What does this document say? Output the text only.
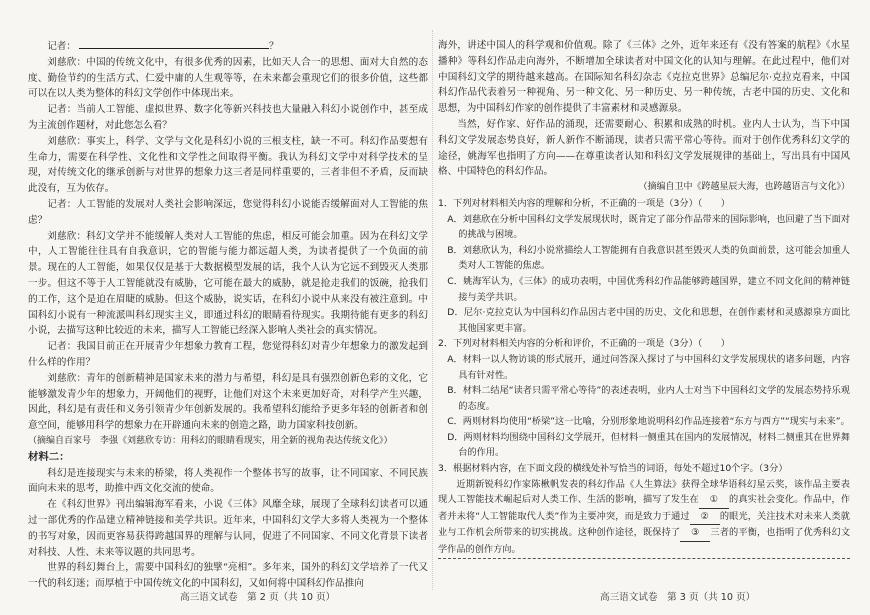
记者：	？

刘慈欣：中国的传统文化中，有很多优秀的因素，比如天人合一的思想、面对大自然的态度、勤俭节约的生活方式、仁爱中庸的人生观等等，在未来都会重现它们的很多价值，这些都可以在以人类为整体的科幻文学创作中体现出来。

记者：当前人工智能、虚拟世界、数字化等新兴科技也大量融入科幻小说创作中，甚至成为主流创作题材，对此您怎么看？

刘慈欣：事实上，科学、文学与文化是科幻小说的三根支柱，缺一不可。科幻作品要想有生命力，需要在科学性、文化性和文学性之间取得平衡。我认为科幻文学中对科学技术的呈现，对传统文化的继承创新与对世界的想象力这三者是同样重要的，三者非但不矛盾，反而缺此没有，互为依存。

记者：人工智能的发展对人类社会影响深远，您觉得科幻小说能否缓解面对人工智能的焦虑？

刘慈欣：科幻文学并不能缓解人类对人工智能的焦虑，相反可能会加重。因为在科幻文学中，人工智能往往具有自我意识，它的智能与能力都远超人类，为读者提供了一个负面的前景。现在的人工智能，如果仅仅是基于大数据模型发展的话，我个人认为它远不到毁灭人类那一步。但这不等于人工智能就没有威胁，它可能在最大的威胁，就是抢走我们的饭碗，抢我们的工作，这个是迫在眉睫的威胁。但这个威胁，说实话，在科幻小说中从来没有被注意到。中国科幻小说有一种流派叫科幻现实主义，即通过科幻的眼睛看待现实。我期待能有更多的科幻小说，去描写这种比较近的未来，描写人工智能已经深入影响人类社会的真实情况。

记者：我国目前正在开展青少年想象力教育工程，您觉得科幻对青少年想象力的激发起到什么样的作用？

刘慈欣：青年的创新精神是国家未来的潜力与希望，科幻是具有强烈创新色彩的文化，它能够激发青少年的想象力，开阔他们的视野，让他们对这个未来更加好奇，对科学产生兴趣，因此，科幻是有责任和义务引领青少年创新发展的。我希望科幻能给予更多年轻的创新者和创意空间，能够用科学的想象力在开辟通向未来的创造之路，助力国家科技创新。

（摘编自百家号　李强《刘慈欣专访：用科幻的眼睛看现实，用全新的视角表达传统文化》）

材料二：

科幻是连接现实与未来的桥梁，将人类视作一个整体书写的故事，让不同国家、不同民族面向未来的思考，助推中西文化交流的使命。

在《科幻世界》刊出编辑海军看来，小说《三体》风靡全球，展现了全球科幻读者可以通过一部优秀的作品建立精神链接和美学共识。近年来，中国科幻文学大多将人类视为一个整体的书写对象，因而更容易获得跨越国界的理解与认同，促进了不同国家、不同文化背景下读者对科技、人性、未来等议题的共同思考。

世界的科幻舞台上，需要中国科幻的独擘“亮相”。多年来，国外的科幻文学培养了一代又一代的科幻迷；而厚植于中国传统文化的中国科幻，又如何将中国科幻作品推向

海外，讲述中国人的科学观和价值观。除了《三体》之外，近年来还有《没有答案的航程》《水星播种》等科幻作品走向海外，不断增加全球读者对中国文化的认知与理解。在此过程中，他们对中国科幻文学的期待越来越高。在国际知名科幻杂志《克拉克世界》总编尼尔·克拉克看来，中国科幻作品代表着另一种视角、另一种文化、另一种历史、另一种传统，古老中国的历史、文化和思想，为中国科幻作家的创作提供了丰富素材和灵感源泉。

当然，好作家、好作品的涌现，还需要耐心、积累和成熟的时机。业内人士认为，当下中国科幻文学发展态势良好，新人新作不断涌现，读者只需平常心等待。而对于创作优秀科幻文学的途径，姚海军也指明了方向——在尊重读者认知和科幻文学发展规律的基础上，写出具有中国风格、中国特色的科幻作品。

（摘编自卫中《跨越星辰大海，也跨越语言与文化》）

1．下列对材料相关内容的理解和分析，不正确的一项是（3分）（　　）

A．刘慈欣在分析中国科幻文学发展现状时，既肯定了部分作品带来的国际影响，也回避了当下面对的挑战与困境。

B．刘慈欣认为，科幻小说常描绘人工智能拥有自我意识甚至毁灭人类的负面前景，这可能会加重人类对人工智能的焦虑。

C．姚海军认为，《三体》的成功表明，中国优秀科幻作品能够跨越国界，建立不同文化间的精神链接与美学共识。

D．尼尔·克拉克认为中国科幻作品因古老中国的历史、文化和思想，在创作素材和灵感源泉方面比其他国家更丰富。

2．下列对材料相关内容的分析和评价，不正确的一项是（3分）（　　）

A．材料一以人物访谈的形式展开，通过问答深入探讨了与中国科幻文学发展现状的诸多问题，内容具有针对性。

B．材料二结尾“读者只需平常心等待”的表述表明，业内人士对当下中国科幻文学的发展态势持乐观的态度。

C．两则材料均使用“桥梁”这一比喻，分别形象地说明科幻作品连接着“东方与西方”“现实与未来”。

D．两则材料均围绕中国科幻文学展开，但材料一侧重其在国内的发展情况，材料二侧重其在世界舞台的作用。

3．根据材料内容，在下面文段的横线处补写恰当的词语，每处不超过10个字。（3分）

近期新锐科幻作家陈楸帆发表的科幻作品《人生算法》获得全球华语科幻星云奖，该作品主要表现人工智能技术崛起后对人类工作、生活的影响，描写了发生在 ① 的真实社会变化。作品中，作者并未将“人工智能取代人类”作为主要冲突，而是致力于通过 ② 的眼光，关注技术对未来人类就业与工作机会所带来的切实挑战。这种创作途径，既保持了 ③ 三者的平衡，也指明了优秀科幻文学作品的创作方向。

高三语文试卷　第 2 页（共 10 页）	高三语文试卷　第 3 页（共 10 页）
